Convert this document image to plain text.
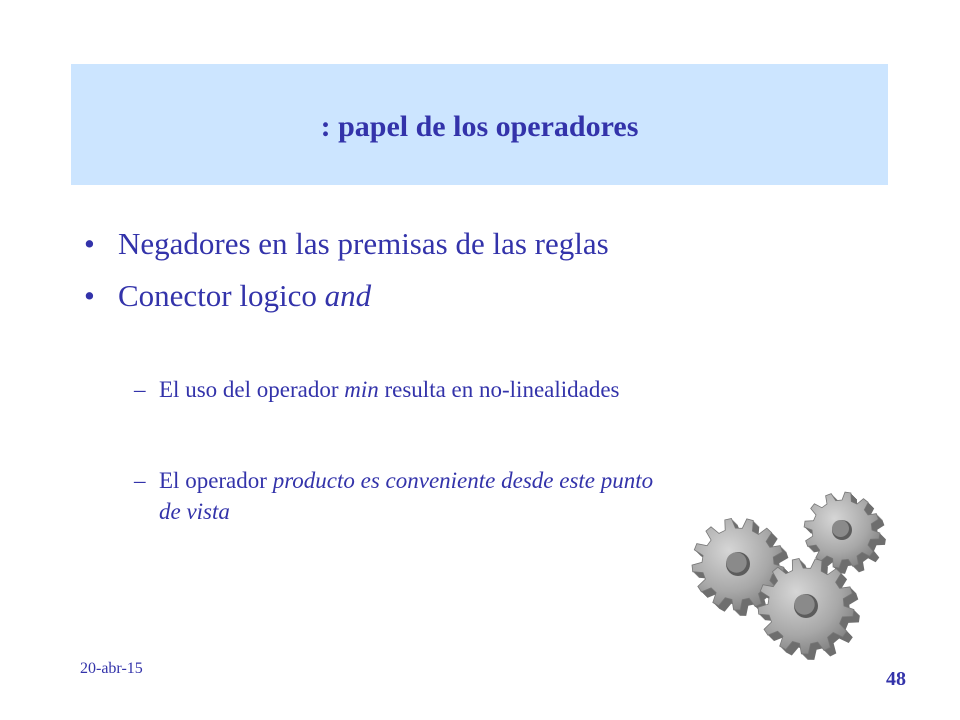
: papel de los operadores
• Negadores en las premisas de las reglas
• Conector logico and
– El uso del operador min resulta en no-linealidades
– El operador producto es conveniente desde este punto
de vista
20-abr-15	48
